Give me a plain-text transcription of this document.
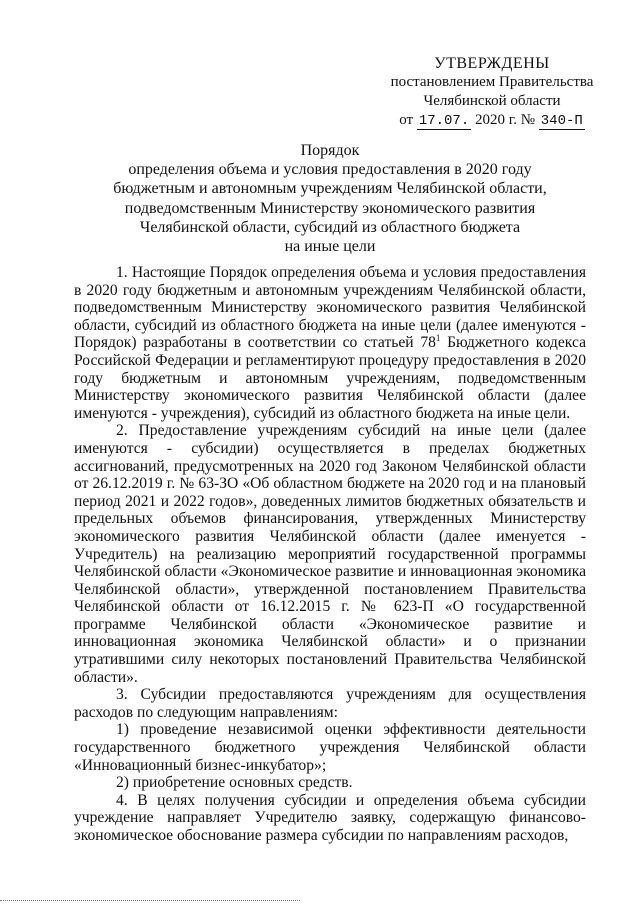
УТВЕРЖДЕНЫ
постановлением Правительства
Челябинской области
от 17.07. 2020 г. № 340-П
Порядок
определения объема и условия предоставления в 2020 году
бюджетным и автономным учреждениям Челябинской области,
подведомственным Министерству экономического развития
Челябинской области, субсидий из областного бюджета
на иные цели

1. Настоящие Порядок определения объема и условия предоставления в 2020 году бюджетным и автономным учреждениям Челябинской области, подведомственным Министерству экономического развития Челябинской области, субсидий из областного бюджета на иные цели (далее именуются - Порядок) разработаны в соответствии со статьей $78^1$ Бюджетного кодекса Российской Федерации и регламентируют процедуру предоставления в 2020 году бюджетным и автономным учреждениям, подведомственным Министерству экономического развития Челябинской области (далее именуются - учреждения), субсидий из областного бюджета на иные цели.

2. Предоставление учреждениям субсидий на иные цели (далее именуются - субсидии) осуществляется в пределах бюджетных ассигнований, предусмотренных на 2020 год Законом Челябинской области от 26.12.2019 г. № 63-ЗО «Об областном бюджете на 2020 год и на плановый период 2021 и 2022 годов», доведенных лимитов бюджетных обязательств и предельных объемов финансирования, утвержденных Министерству экономического развития Челябинской области (далее именуется - Учредитель) на реализацию мероприятий государственной программы Челябинской области «Экономическое развитие и инновационная экономика Челябинской области», утвержденной постановлением Правительства Челябинской области от 16.12.2015 г. № 623-П «О государственной программе Челябинской области «Экономическое развитие и инновационная экономика Челябинской области» и о признании утратившими силу некоторых постановлений Правительства Челябинской области».

3. Субсидии предоставляются учреждениям для осуществления расходов по следующим направлениям:

1) проведение независимой оценки эффективности деятельности государственного бюджетного учреждения Челябинской области «Инновационный бизнес-инкубатор»;

2) приобретение основных средств.

4. В целях получения субсидии и определения объема субсидии учреждение направляет Учредителю заявку, содержащую финансово-экономическое обоснование размера субсидии по направлениям расходов,
